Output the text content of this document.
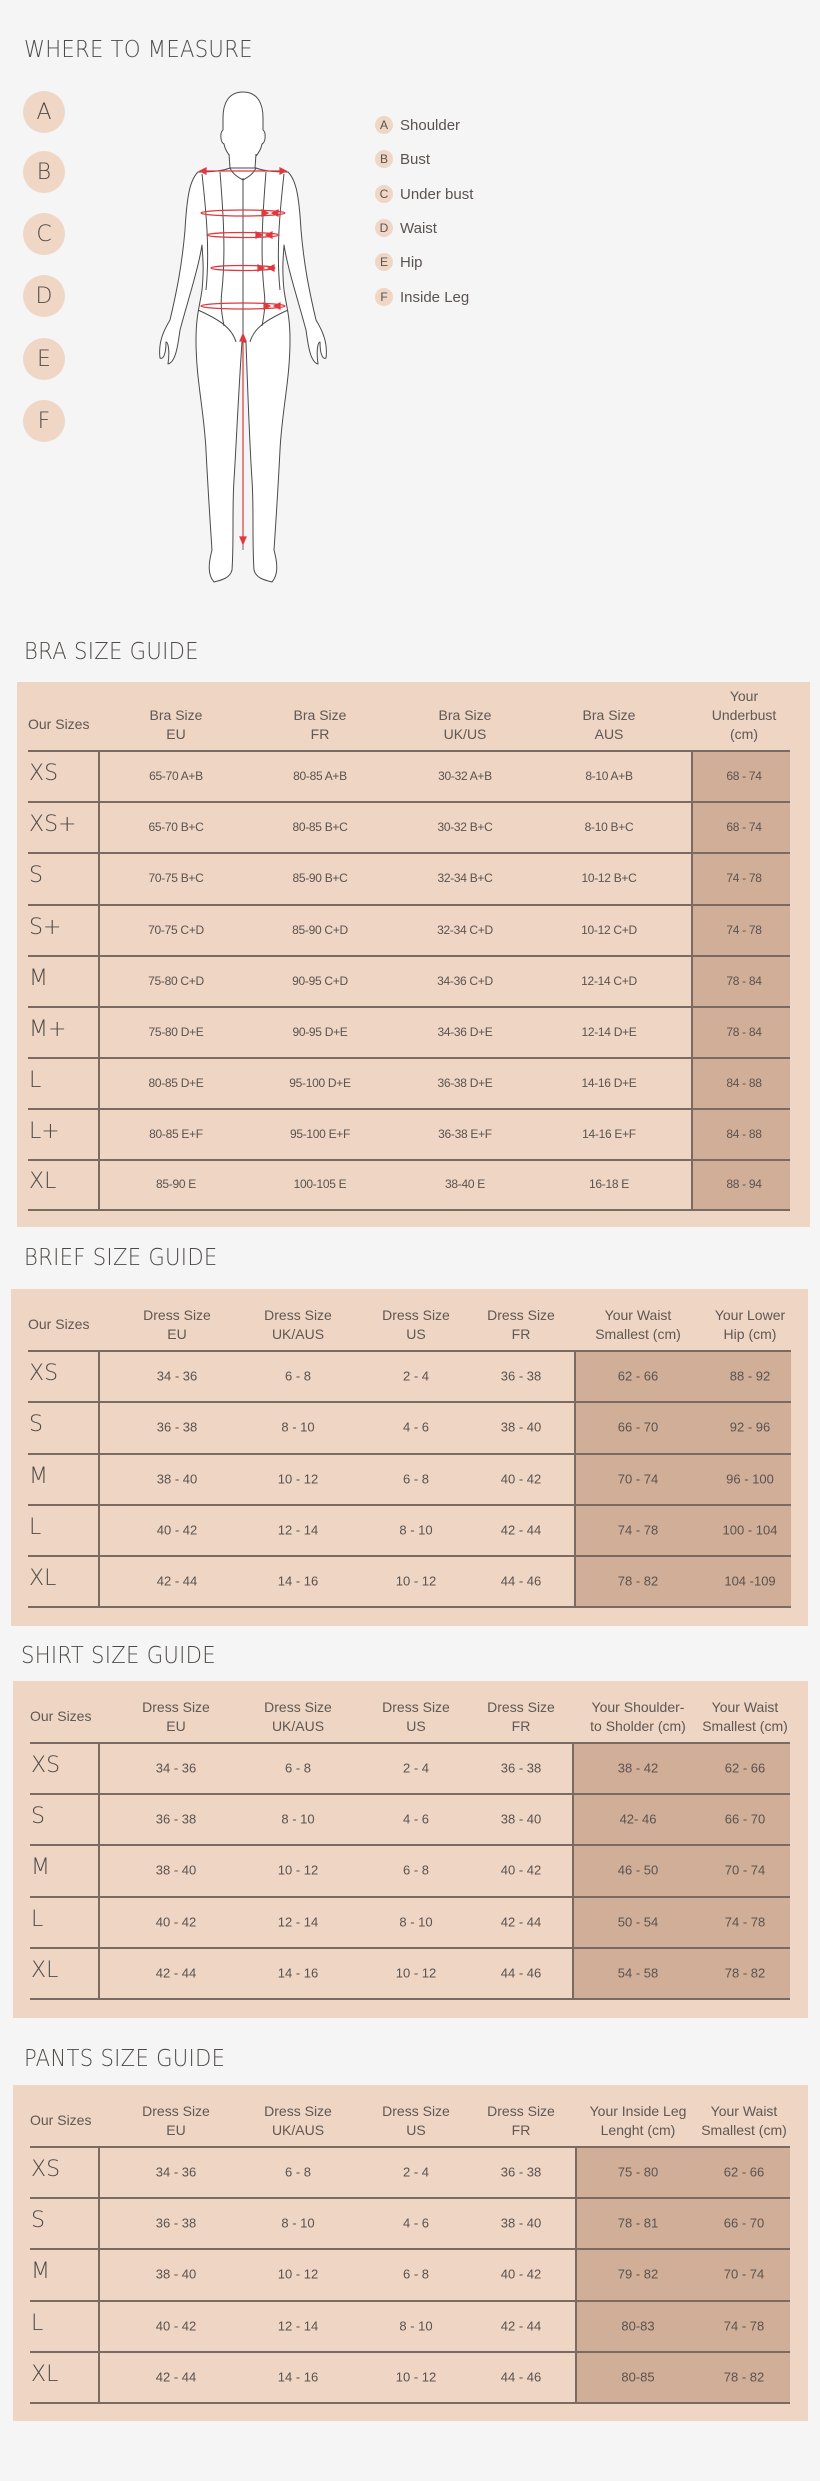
WHERE TO MEASURE
A
B
C
D
E
F
A Shoulder
B Bust
C Under bust
D Waist
E Hip
F Inside Leg
BRA SIZE GUIDE
Our Sizes
Bra Size
EU
Bra Size
FR
Bra Size
UK/US
Bra Size
AUS
Your
Underbust
(cm)
XS	65-70 A+B	80-85 A+B	30-32 A+B	8-10 A+B	68 - 74
XS+	65-70 B+C	80-85 B+C	30-32 B+C	8-10 B+C	68 - 74
S	70-75 B+C	85-90 B+C	32-34 B+C	10-12 B+C	74 - 78
S+	70-75 C+D	85-90 C+D	32-34 C+D	10-12 C+D	74 - 78
M	75-80 C+D	90-95 C+D	34-36 C+D	12-14 C+D	78 - 84
M+	75-80 D+E	90-95 D+E	34-36 D+E	12-14 D+E	78 - 84
L	80-85 D+E	95-100 D+E	36-38 D+E	14-16 D+E	84 - 88
L+	80-85 E+F	95-100 E+F	36-38 E+F	14-16 E+F	84 - 88
XL	85-90 E	100-105 E	38-40 E	16-18 E	88 - 94
BRIEF SIZE GUIDE
Our Sizes
Dress Size
EU
Dress Size
UK/AUS
Dress Size
US
Dress Size
FR
Your Waist
Smallest (cm)
Your Lower
Hip (cm)
XS	34 - 36	6 - 8	2 - 4	36 - 38	62 - 66	88 - 92
S	36 - 38	8 - 10	4 - 6	38 - 40	66 - 70	92 - 96
M	38 - 40	10 - 12	6 - 8	40 - 42	70 - 74	96 - 100
L	40 - 42	12 - 14	8 - 10	42 - 44	74 - 78	100 - 104
XL	42 - 44	14 - 16	10 - 12	44 - 46	78 - 82	104 -109
SHIRT SIZE GUIDE
Our Sizes
Dress Size
EU
Dress Size
UK/AUS
Dress Size
US
Dress Size
FR
Your Shoulder-
to Sholder (cm)
Your Waist
Smallest (cm)
XS	34 - 36	6 - 8	2 - 4	36 - 38	38 - 42	62 - 66
S	36 - 38	8 - 10	4 - 6	38 - 40	42- 46	66 - 70
M	38 - 40	10 - 12	6 - 8	40 - 42	46 - 50	70 - 74
L	40 - 42	12 - 14	8 - 10	42 - 44	50 - 54	74 - 78
XL	42 - 44	14 - 16	10 - 12	44 - 46	54 - 58	78 - 82
PANTS SIZE GUIDE
Our Sizes
Dress Size
EU
Dress Size
UK/AUS
Dress Size
US
Dress Size
FR
Your Inside Leg
Lenght (cm)
Your Waist
Smallest (cm)
XS	34 - 36	6 - 8	2 - 4	36 - 38	75 - 80	62 - 66
S	36 - 38	8 - 10	4 - 6	38 - 40	78 - 81	66 - 70
M	38 - 40	10 - 12	6 - 8	40 - 42	79 - 82	70 - 74
L	40 - 42	12 - 14	8 - 10	42 - 44	80-83	74 - 78
XL	42 - 44	14 - 16	10 - 12	44 - 46	80-85	78 - 82
